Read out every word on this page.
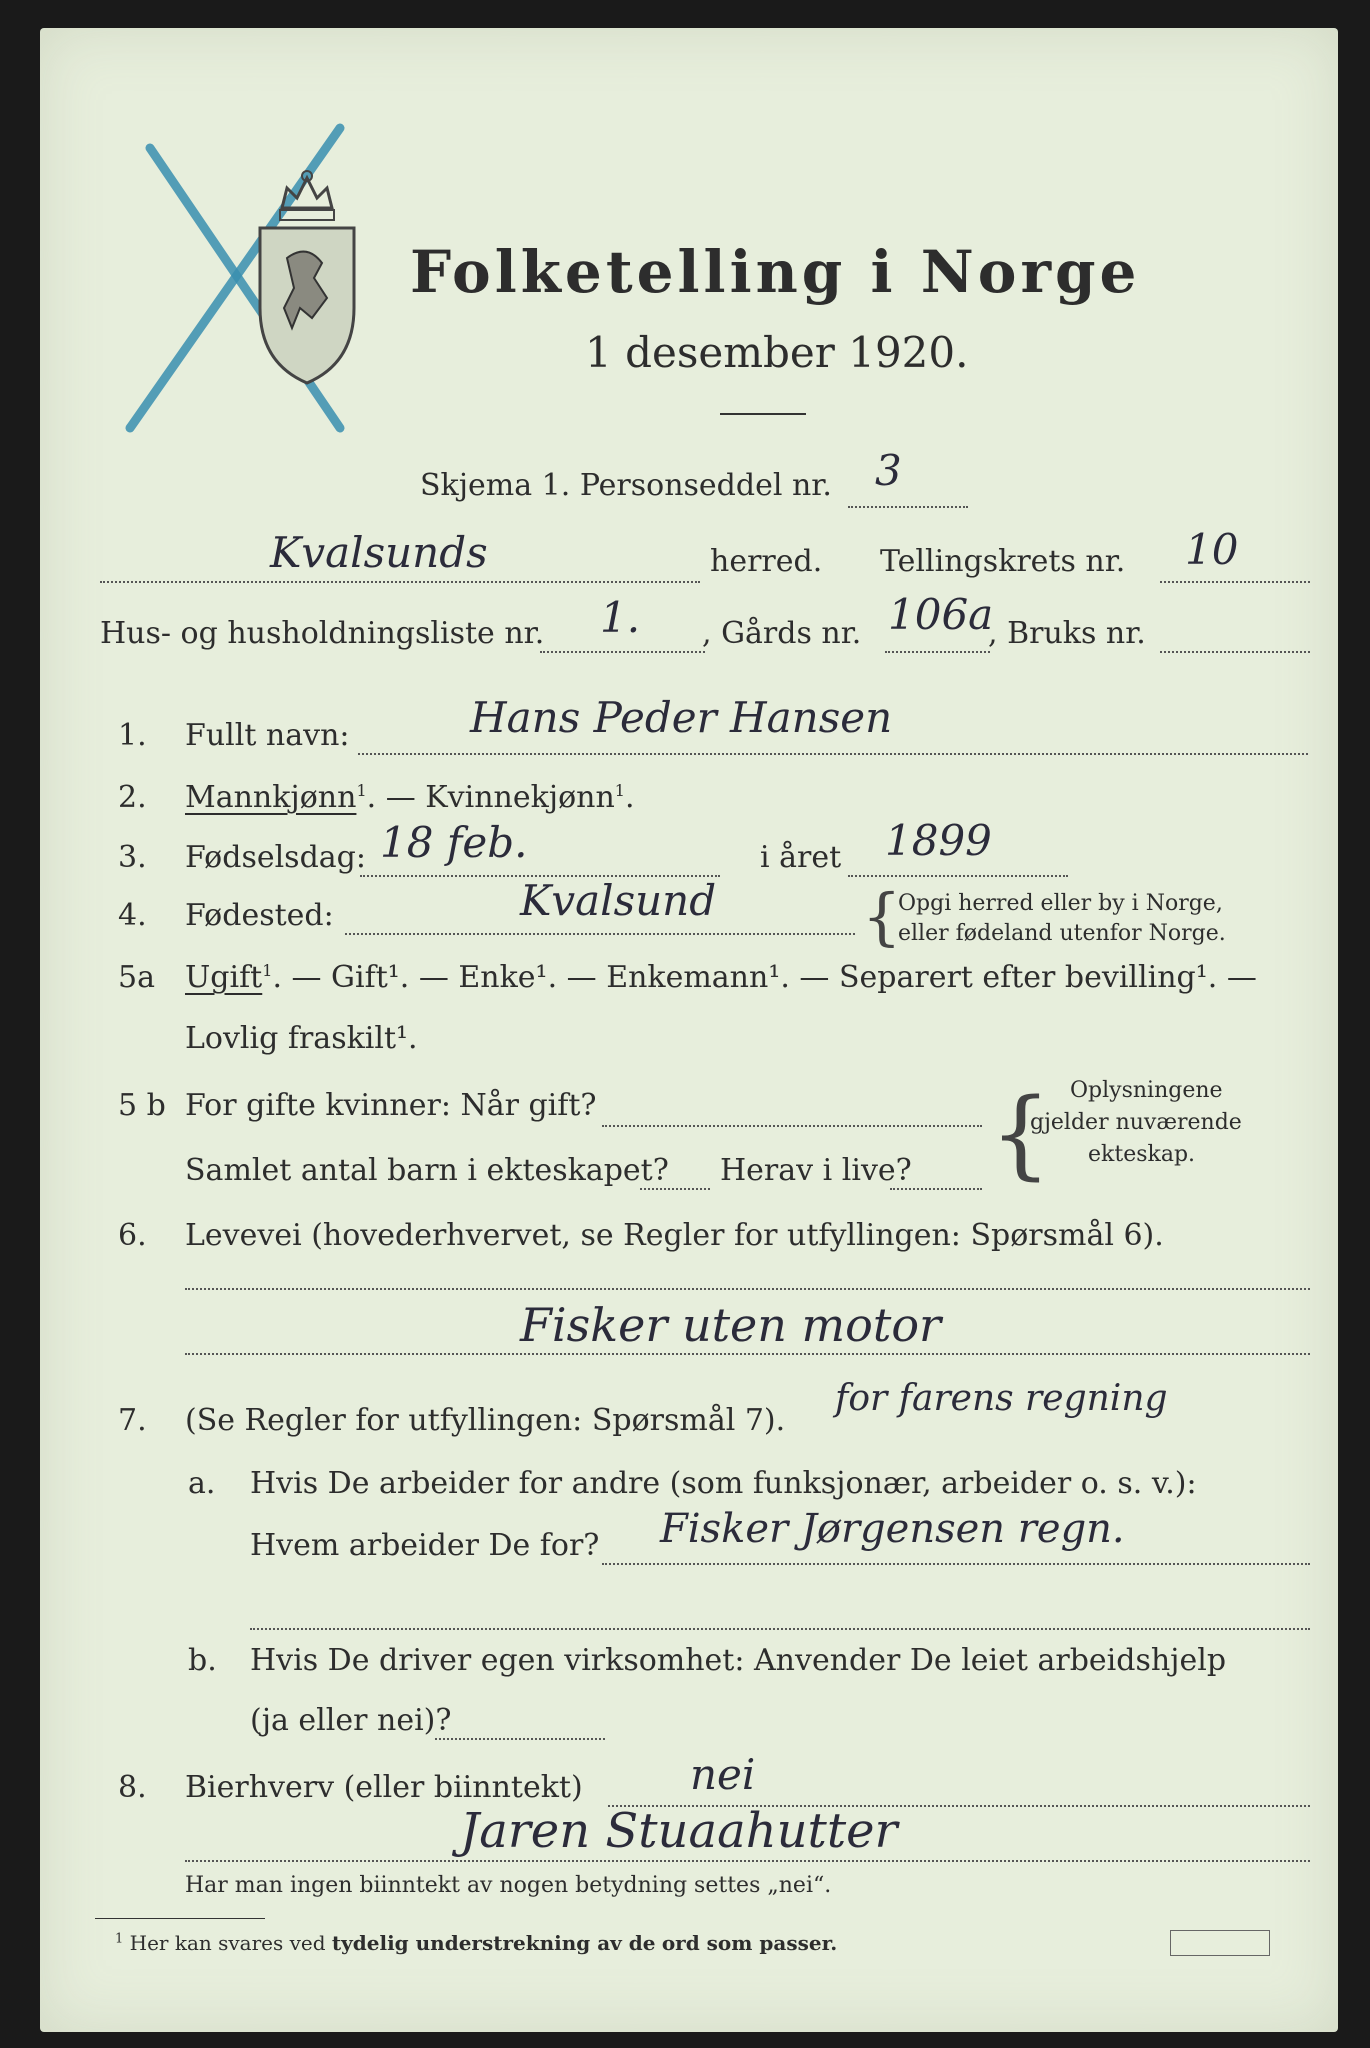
Folketelling i Norge
1 desember 1920.
Skjema 1. Personseddel nr. 3
Kvalsunds	herred. Tellingskrets nr. 10
Hus- og husholdningsliste nr. 1. , Gårds nr. 106a
, Bruks nr.
1. Fullt navn:	Hans Peder Hansen
2. Mannkjønn$^1$. — Kvinnekjønn$^1$.
3. Fødselsdag: 18 feb.	i året 1899
4. Fødested:	Kvalsund {
Opgi herred eller by i Norge,
eller fødeland utenfor Norge.
5a Ugift$^1$. — Gift¹. — Enke¹. — Enkemann¹. — Separert efter bevilling¹. —
Lovlig fraskilt¹.
5 b For gifte kvinner: Når gift?
Samlet antal barn i ekteskapet? Herav i live? { Oplysningene
gjelder nuværende
ekteskap.
6. Levevei (hovederhvervet, se Regler for utfyllingen: Spørsmål 6).
Fisker uten motor
7. (Se Regler for utfyllingen: Spørsmål 7).
for farens regning
a. Hvis De arbeider for andre (som funksjonær, arbeider o. s. v.):
Hvem arbeider De for? Fisker Jørgensen regn.
b. Hvis De driver egen virksomhet: Anvender De leiet arbeidshjelp
(ja eller nei)?
8. Bierhverv (eller biinntekt)	nei
Jaren Stuaahutter
Har man ingen biinntekt av nogen betydning settes „nei“.
$^1$ Her kan svares ved tydelig understrekning av de ord som passer.
